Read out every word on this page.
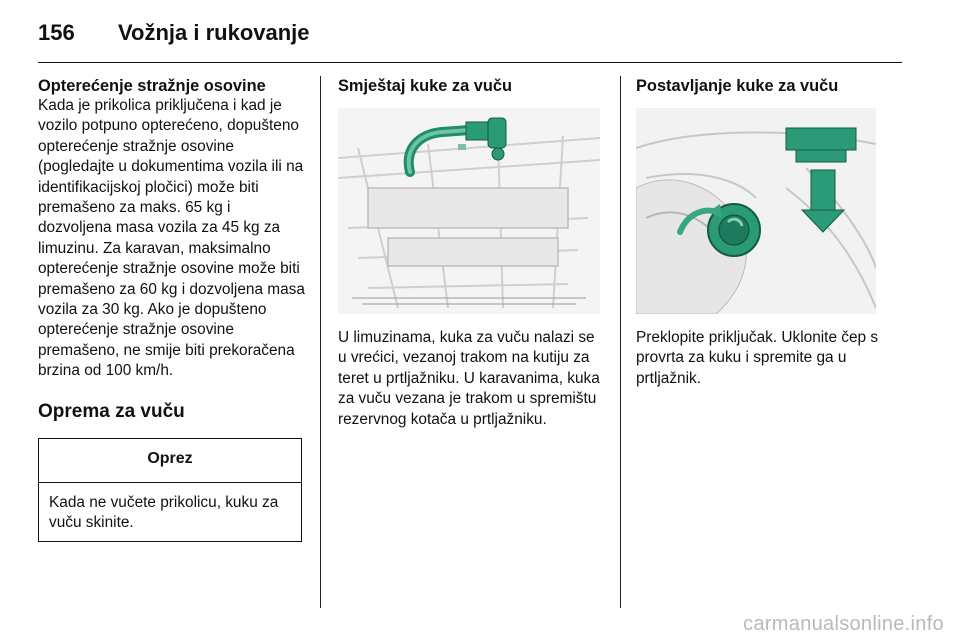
156 Vožnja i rukovanje
Opterećenje stražnje osovine

Kada je prikolica priključena i kad je vozilo potpuno opterećeno, dopušteno opterećenje stražnje osovine (pogledajte u dokumentima vozila ili na identifikacijskoj pločici) može biti premašeno za maks. 65 kg i dozvoljena masa vozila za 45 kg za limuzinu. Za karavan, maksimalno opterećenje stražnje osovine može biti premašeno za 60 kg i dozvoljena masa vozila za 30 kg. Ako je dopušteno opterećenje stražnje osovine premašeno, ne smije biti prekoračena brzina od 100 km/h.

Oprema za vuču
Oprez
Kada ne vučete prikolicu, kuku za vuču skinite.
Smještaj kuke za vuču

U limuzinama, kuka za vuču nalazi se u vrećici, vezanoj trakom na kutiju za teret u prtljažniku. U karavanima, kuka za vuču vezana je trakom u spremištu rezervnog kotača u prtljažniku.

Postavljanje kuke za vuču

Preklopite priključak. Uklonite čep s provrta za kuku i spremite ga u prtljažnik.

carmanualsonline.info
